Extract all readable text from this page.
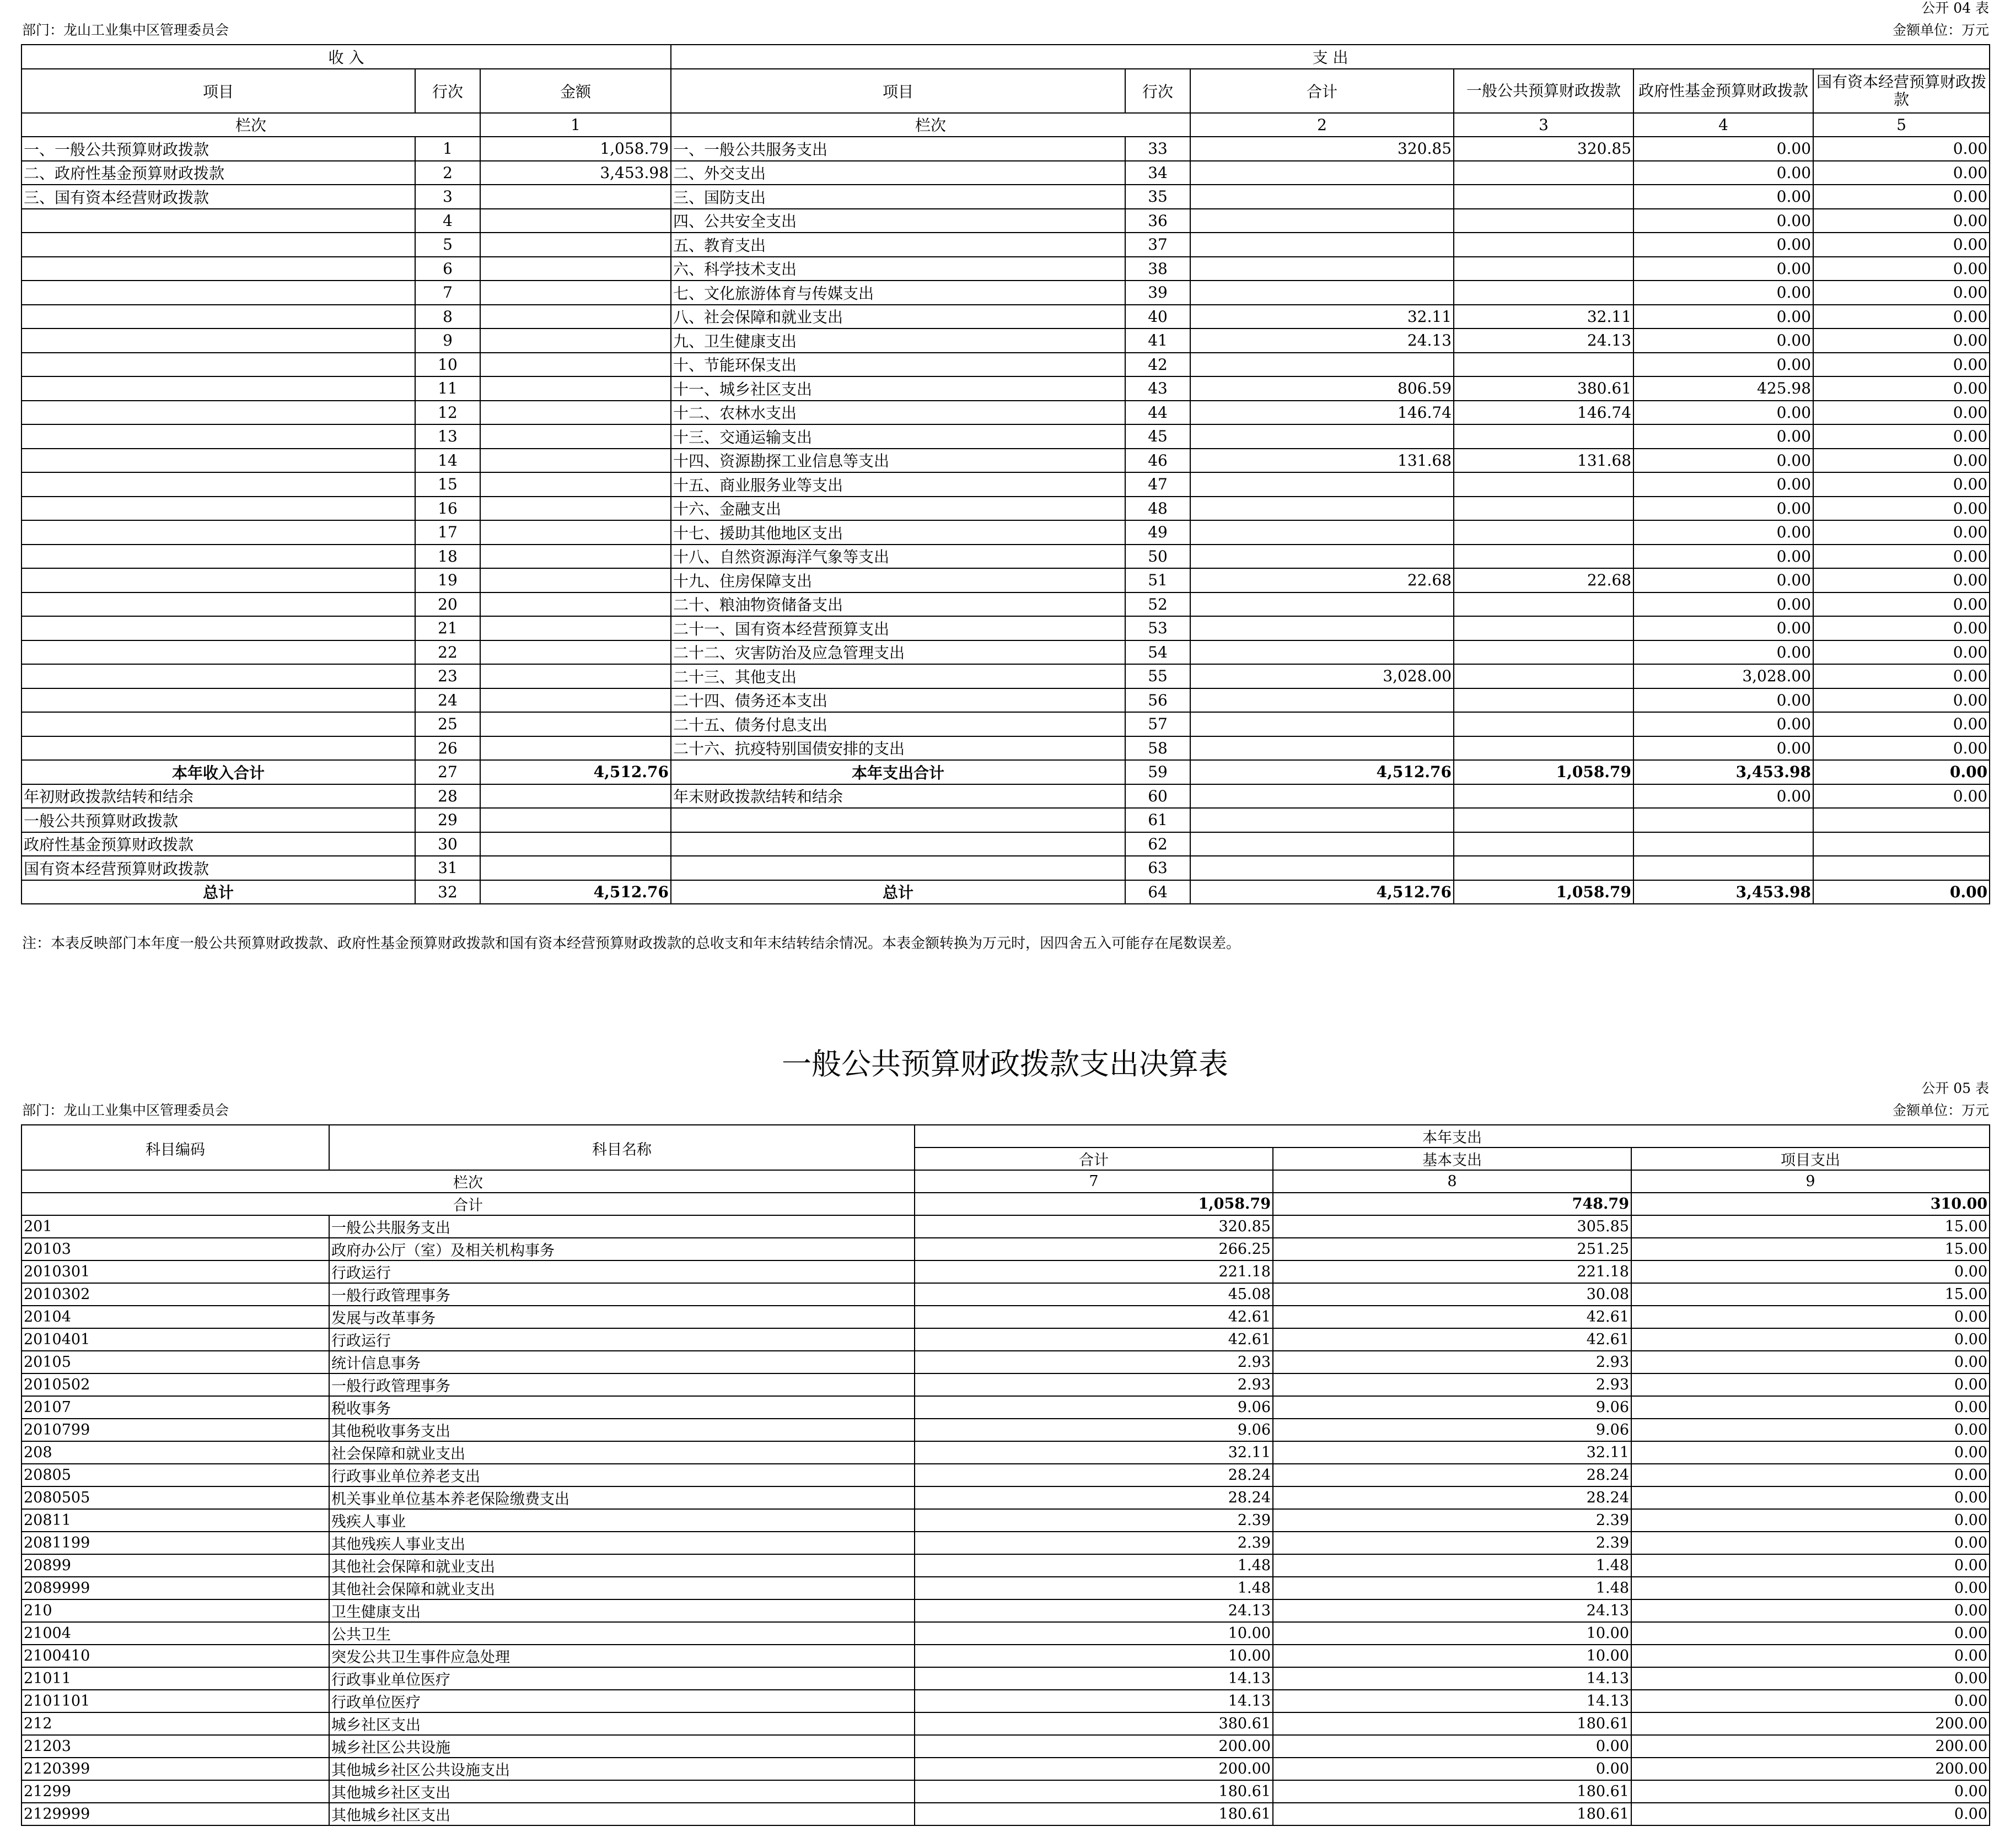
公开 04 表
部门：龙山工业集中区管理委员会	金额单位：万元
收 入			支 出					
项目	行次	金额	项目	行次	合计	一般公共预算财政拨款	政府性基金预算财政拨款	国有资本经营预算财政拨款
栏次		1	栏次		2	3	4	5
一、一般公共预算财政拨款	1	1,058.79	一、一般公共服务支出	33	320.85	320.85	0.00	0.00
二、政府性基金预算财政拨款	2	3,453.98	二、外交支出	34			0.00	0.00
三、国有资本经营财政拨款	3		三、国防支出	35			0.00	0.00
	4		四、公共安全支出	36			0.00	0.00
	5		五、教育支出	37			0.00	0.00
	6		六、科学技术支出	38			0.00	0.00
	7		七、文化旅游体育与传媒支出	39			0.00	0.00
	8		八、社会保障和就业支出	40	32.11	32.11	0.00	0.00
	9		九、卫生健康支出	41	24.13	24.13	0.00	0.00
	10		十、节能环保支出	42			0.00	0.00
	11		十一、城乡社区支出	43	806.59	380.61	425.98	0.00
	12		十二、农林水支出	44	146.74	146.74	0.00	0.00
	13		十三、交通运输支出	45			0.00	0.00
	14		十四、资源勘探工业信息等支出	46	131.68	131.68	0.00	0.00
	15		十五、商业服务业等支出	47			0.00	0.00
	16		十六、金融支出	48			0.00	0.00
	17		十七、援助其他地区支出	49			0.00	0.00
	18		十八、自然资源海洋气象等支出	50			0.00	0.00
	19		十九、住房保障支出	51	22.68	22.68	0.00	0.00
	20		二十、粮油物资储备支出	52			0.00	0.00
	21		二十一、国有资本经营预算支出	53			0.00	0.00
	22		二十二、灾害防治及应急管理支出	54			0.00	0.00
	23		二十三、其他支出	55	3,028.00		3,028.00	0.00
	24		二十四、债务还本支出	56			0.00	0.00
	25		二十五、债务付息支出	57			0.00	0.00
	26		二十六、抗疫特别国债安排的支出	58			0.00	0.00
本年收入合计	27	4,512.76	本年支出合计	59	4,512.76	1,058.79	3,453.98	0.00
年初财政拨款结转和结余	28		年末财政拨款结转和结余	60			0.00	0.00
一般公共预算财政拨款	29			61				
政府性基金预算财政拨款	30			62				
国有资本经营预算财政拨款	31			63				
总计	32	4,512.76	总计	64	4,512.76	1,058.79	3,453.98	0.00
注：本表反映部门本年度一般公共预算财政拨款、政府性基金预算财政拨款和国有资本经营预算财政拨款的总收支和年末结转结余情况。本表金额转换为万元时，因四舍五入可能存在尾数误差。
一般公共预算财政拨款支出决算表
公开 05 表
部门：龙山工业集中区管理委员会	金额单位：万元
科目编码	科目名称	本年支出		
		合计	基本支出	项目支出
栏次		7	8	9
合计		1,058.79	748.79	310.00
201	一般公共服务支出	320.85	305.85	15.00
20103	政府办公厅（室）及相关机构事务	266.25	251.25	15.00
2010301	行政运行	221.18	221.18	0.00
2010302	一般行政管理事务	45.08	30.08	15.00
20104	发展与改革事务	42.61	42.61	0.00
2010401	行政运行	42.61	42.61	0.00
20105	统计信息事务	2.93	2.93	0.00
2010502	一般行政管理事务	2.93	2.93	0.00
20107	税收事务	9.06	9.06	0.00
2010799	其他税收事务支出	9.06	9.06	0.00
208	社会保障和就业支出	32.11	32.11	0.00
20805	行政事业单位养老支出	28.24	28.24	0.00
2080505	机关事业单位基本养老保险缴费支出	28.24	28.24	0.00
20811	残疾人事业	2.39	2.39	0.00
2081199	其他残疾人事业支出	2.39	2.39	0.00
20899	其他社会保障和就业支出	1.48	1.48	0.00
2089999	其他社会保障和就业支出	1.48	1.48	0.00
210	卫生健康支出	24.13	24.13	0.00
21004	公共卫生	10.00	10.00	0.00
2100410	突发公共卫生事件应急处理	10.00	10.00	0.00
21011	行政事业单位医疗	14.13	14.13	0.00
2101101	行政单位医疗	14.13	14.13	0.00
212	城乡社区支出	380.61	180.61	200.00
21203	城乡社区公共设施	200.00	0.00	200.00
2120399	其他城乡社区公共设施支出	200.00	0.00	200.00
21299	其他城乡社区支出	180.61	180.61	0.00
2129999	其他城乡社区支出	180.61	180.61	0.00
